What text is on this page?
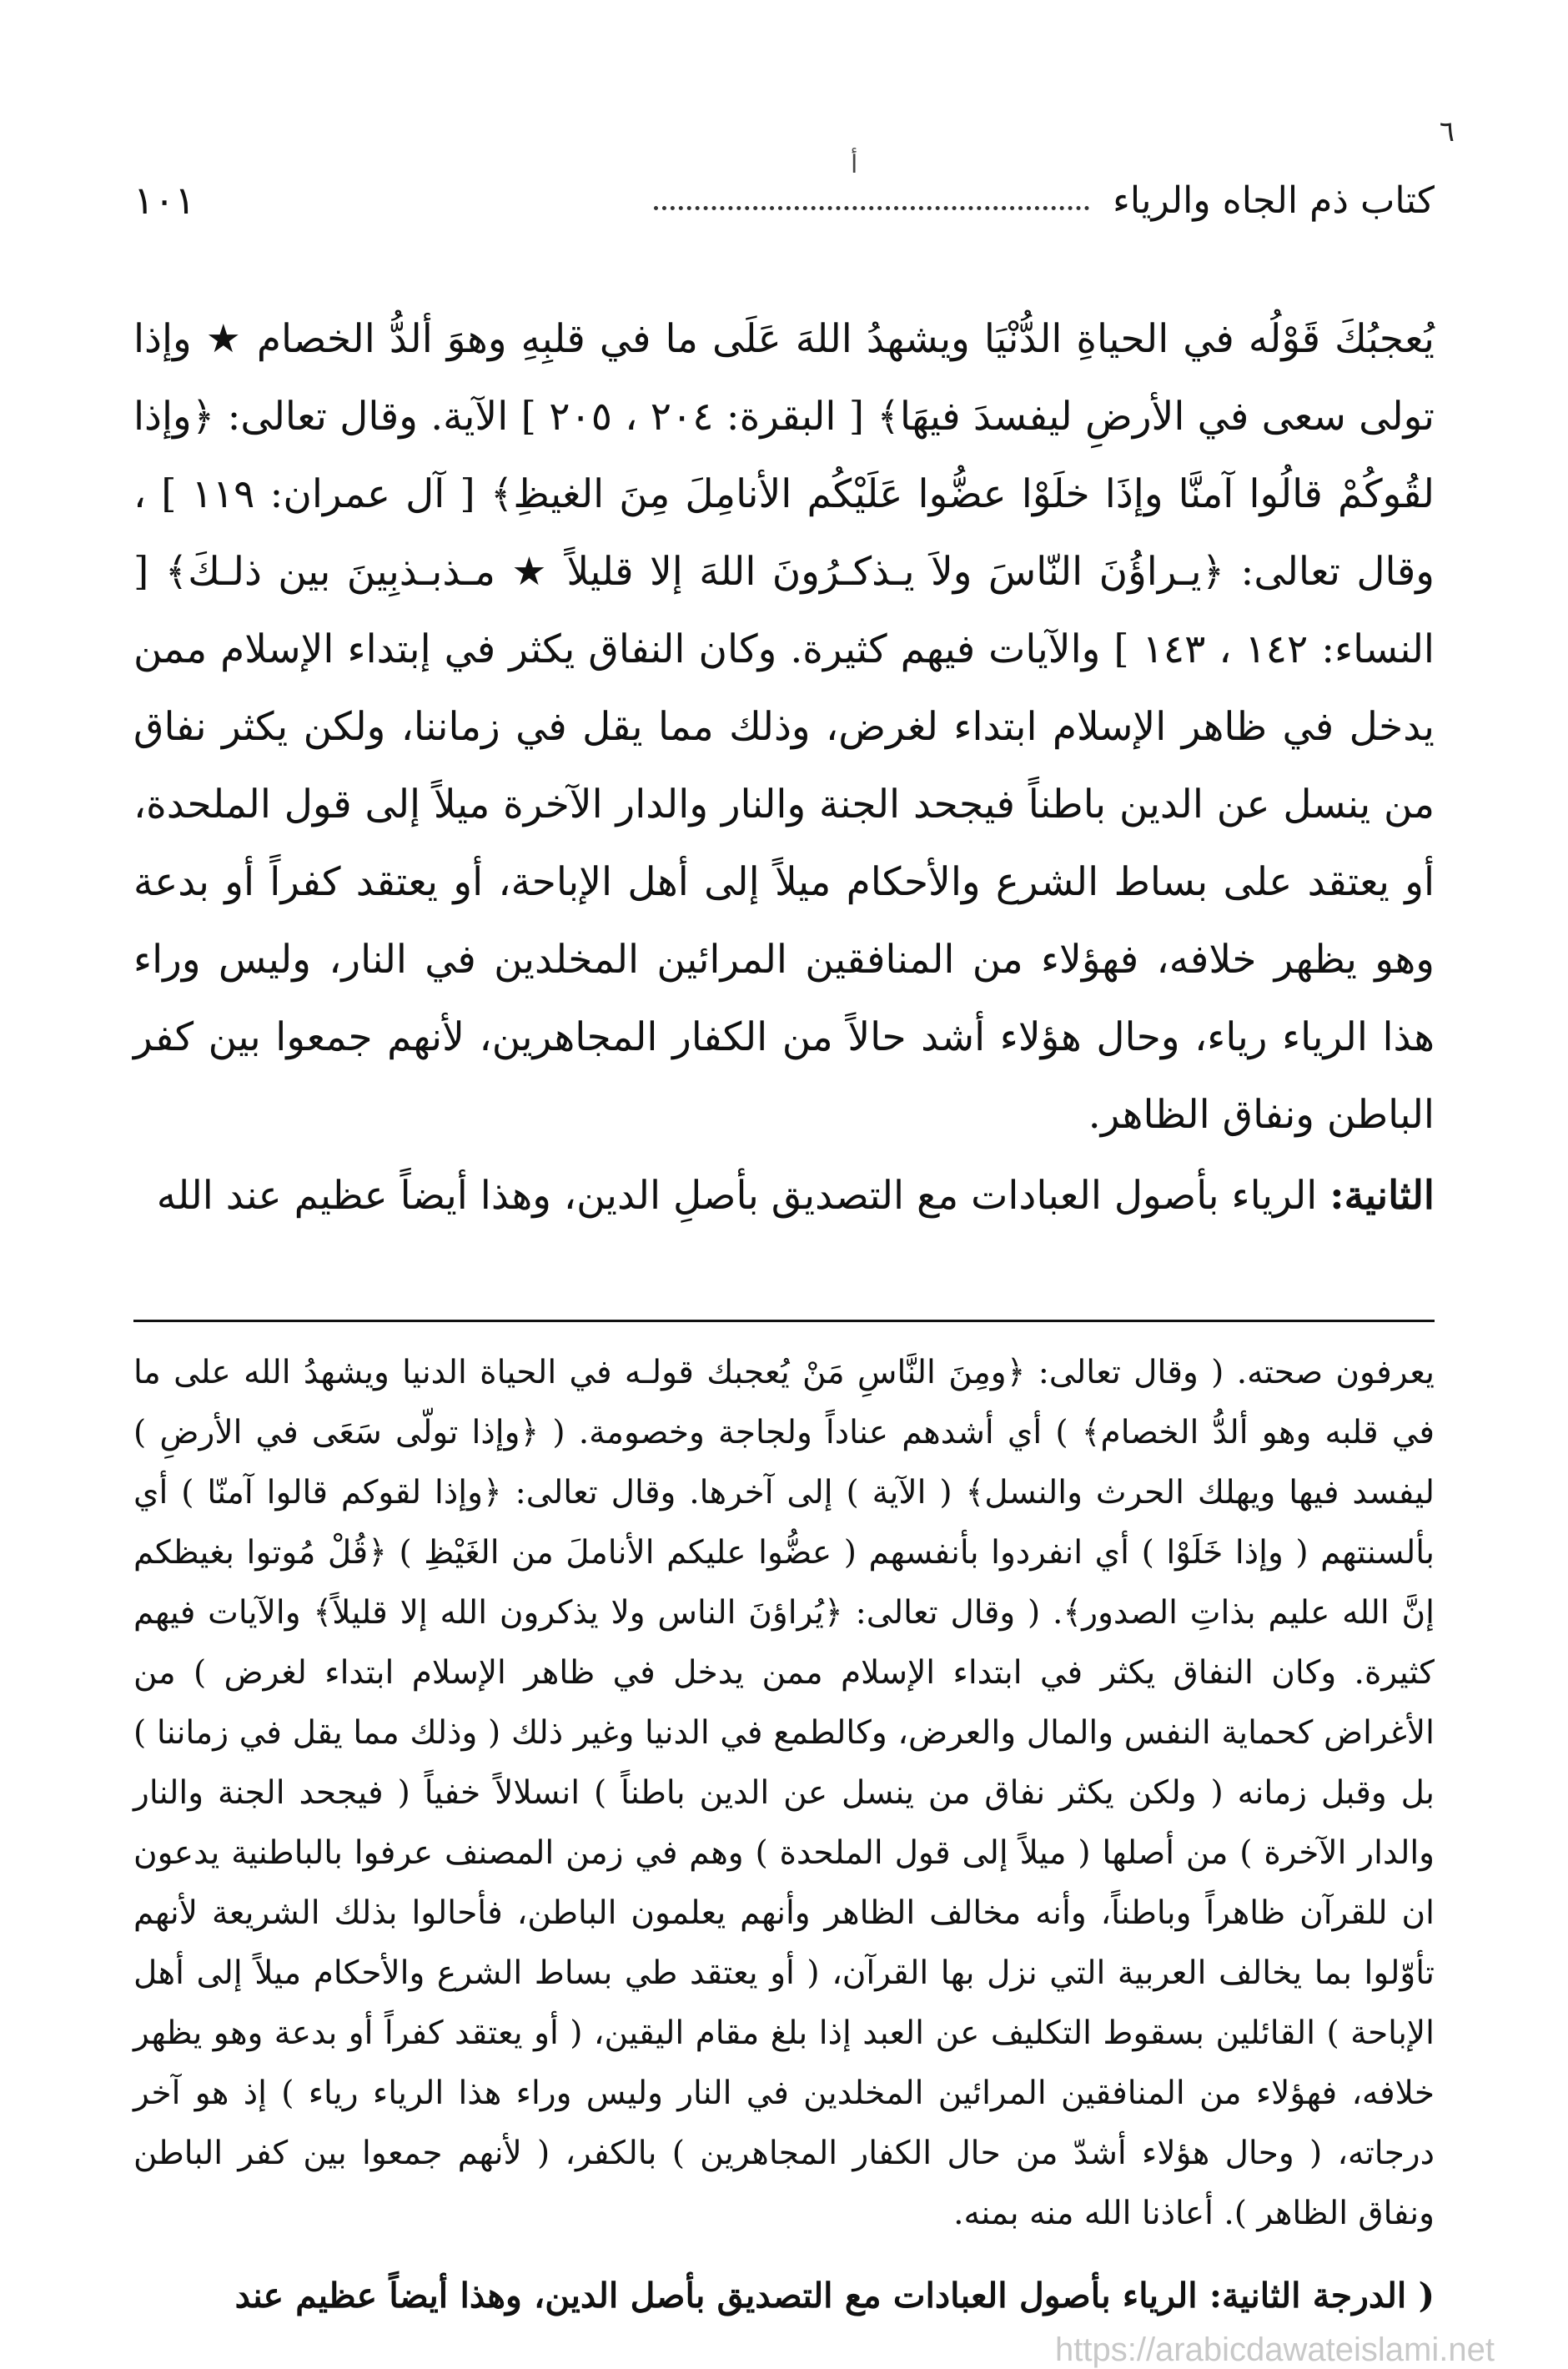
٦
أ
كتاب ذم الجاه والرياء
١٠١

يُعجبُكَ قَوْلُه في الحياةِ الدُّنْيَا ويشهدُ اللهَ عَلَى ما في قلبِهِ وهوَ ألدُّ الخصام ★ وإذا تولى سعى في الأرضِ ليفسدَ فيهَا﴾ [ البقرة: ٢٠٤ ، ٢٠٥ ] الآية. وقال تعالى: ﴿وإذا لقُوكُمْ قالُوا آمنَّا وإذَا خلَوْا عضُّوا عَلَيْكُم الأنامِلَ مِنَ الغيظِ﴾ [ آل عمران: ١١٩ ] ، وقال تعالى: ﴿يـراؤُنَ النّاسَ ولاَ يـذكـرُونَ اللهَ إلا قليلاً ★ مـذبـذبِينَ بين ذلـكَ﴾ [ النساء: ١٤٢ ، ١٤٣ ] والآيات فيهم كثيرة. وكان النفاق يكثر في إبتداء الإسلام ممن يدخل في ظاهر الإسلام ابتداء لغرض، وذلك مما يقل في زماننا، ولكن يكثر نفاق من ينسل عن الدين باطناً فيجحد الجنة والنار والدار الآخرة ميلاً إلى قول الملحدة، أو يعتقد على بساط الشرع والأحكام ميلاً إلى أهل الإباحة، أو يعتقد كفراً أو بدعة وهو يظهر خلافه، فهؤلاء من المنافقين المرائين المخلدين في النار، وليس وراء هذا الرياء رياء، وحال هؤلاء أشد حالاً من الكفار المجاهرين، لأنهم جمعوا بين كفر الباطن ونفاق الظاهر.

الثانية: الرياء بأصول العبادات مع التصديق بأصلِ الدين، وهذا أيضاً عظيم عند الله

يعرفون صحته. ( وقال تعالى: ﴿ومِنَ النَّاسِ مَنْ يُعجبك قولـه في الحياة الدنيا ويشهدُ الله على ما في قلبه وهو ألدُّ الخصام﴾ ) أي أشدهم عناداً ولجاجة وخصومة. ( ﴿وإذا تولّى سَعَى في الأرضِ ) ليفسد فيها ويهلك الحرث والنسل﴾ ( الآية ) إلى آخرها. وقال تعالى: ﴿وإذا لقوكم قالوا آمنّا ) أي بألسنتهم ( وإذا خَلَوْا ) أي انفردوا بأنفسهم ( عضُّوا عليكم الأناملَ من الغَيْظِ ) ﴿قُلْ مُوتوا بغيظكم إنَّ الله عليم بذاتِ الصدور﴾. ( وقال تعالى: ﴿يُراؤنَ الناس ولا يذكرون الله إلا قليلاً﴾ والآيات فيهم كثيرة. وكان النفاق يكثر في ابتداء الإسلام ممن يدخل في ظاهر الإسلام ابتداء لغرض ) من الأغراض كحماية النفس والمال والعرض، وكالطمع في الدنيا وغير ذلك ( وذلك مما يقل في زماننا ) بل وقبل زمانه ( ولكن يكثر نفاق من ينسل عن الدين باطناً ) انسلالاً خفياً ( فيجحد الجنة والنار والدار الآخرة ) من أصلها ( ميلاً إلى قول الملحدة ) وهم في زمن المصنف عرفوا بالباطنية يدعون ان للقرآن ظاهراً وباطناً، وأنه مخالف الظاهر وأنهم يعلمون الباطن، فأحالوا بذلك الشريعة لأنهم تأوّلوا بما يخالف العربية التي نزل بها القرآن، ( أو يعتقد طي بساط الشرع والأحكام ميلاً إلى أهل الإباحة ) القائلين بسقوط التكليف عن العبد إذا بلغ مقام اليقين، ( أو يعتقد كفراً أو بدعة وهو يظهر خلافه، فهؤلاء من المنافقين المرائين المخلدين في النار وليس وراء هذا الرياء رياء ) إذ هو آخر درجاته، ( وحال هؤلاء أشدّ من حال الكفار المجاهرين ) بالكفر، ( لأنهم جمعوا بين كفر الباطن ونفاق الظاهر ). أعاذنا الله منه بمنه.

( الدرجة الثانية: الرياء بأصول العبادات مع التصديق بأصل الدين، وهذا أيضاً عظيم عند

https://arabicdawateislami.net
